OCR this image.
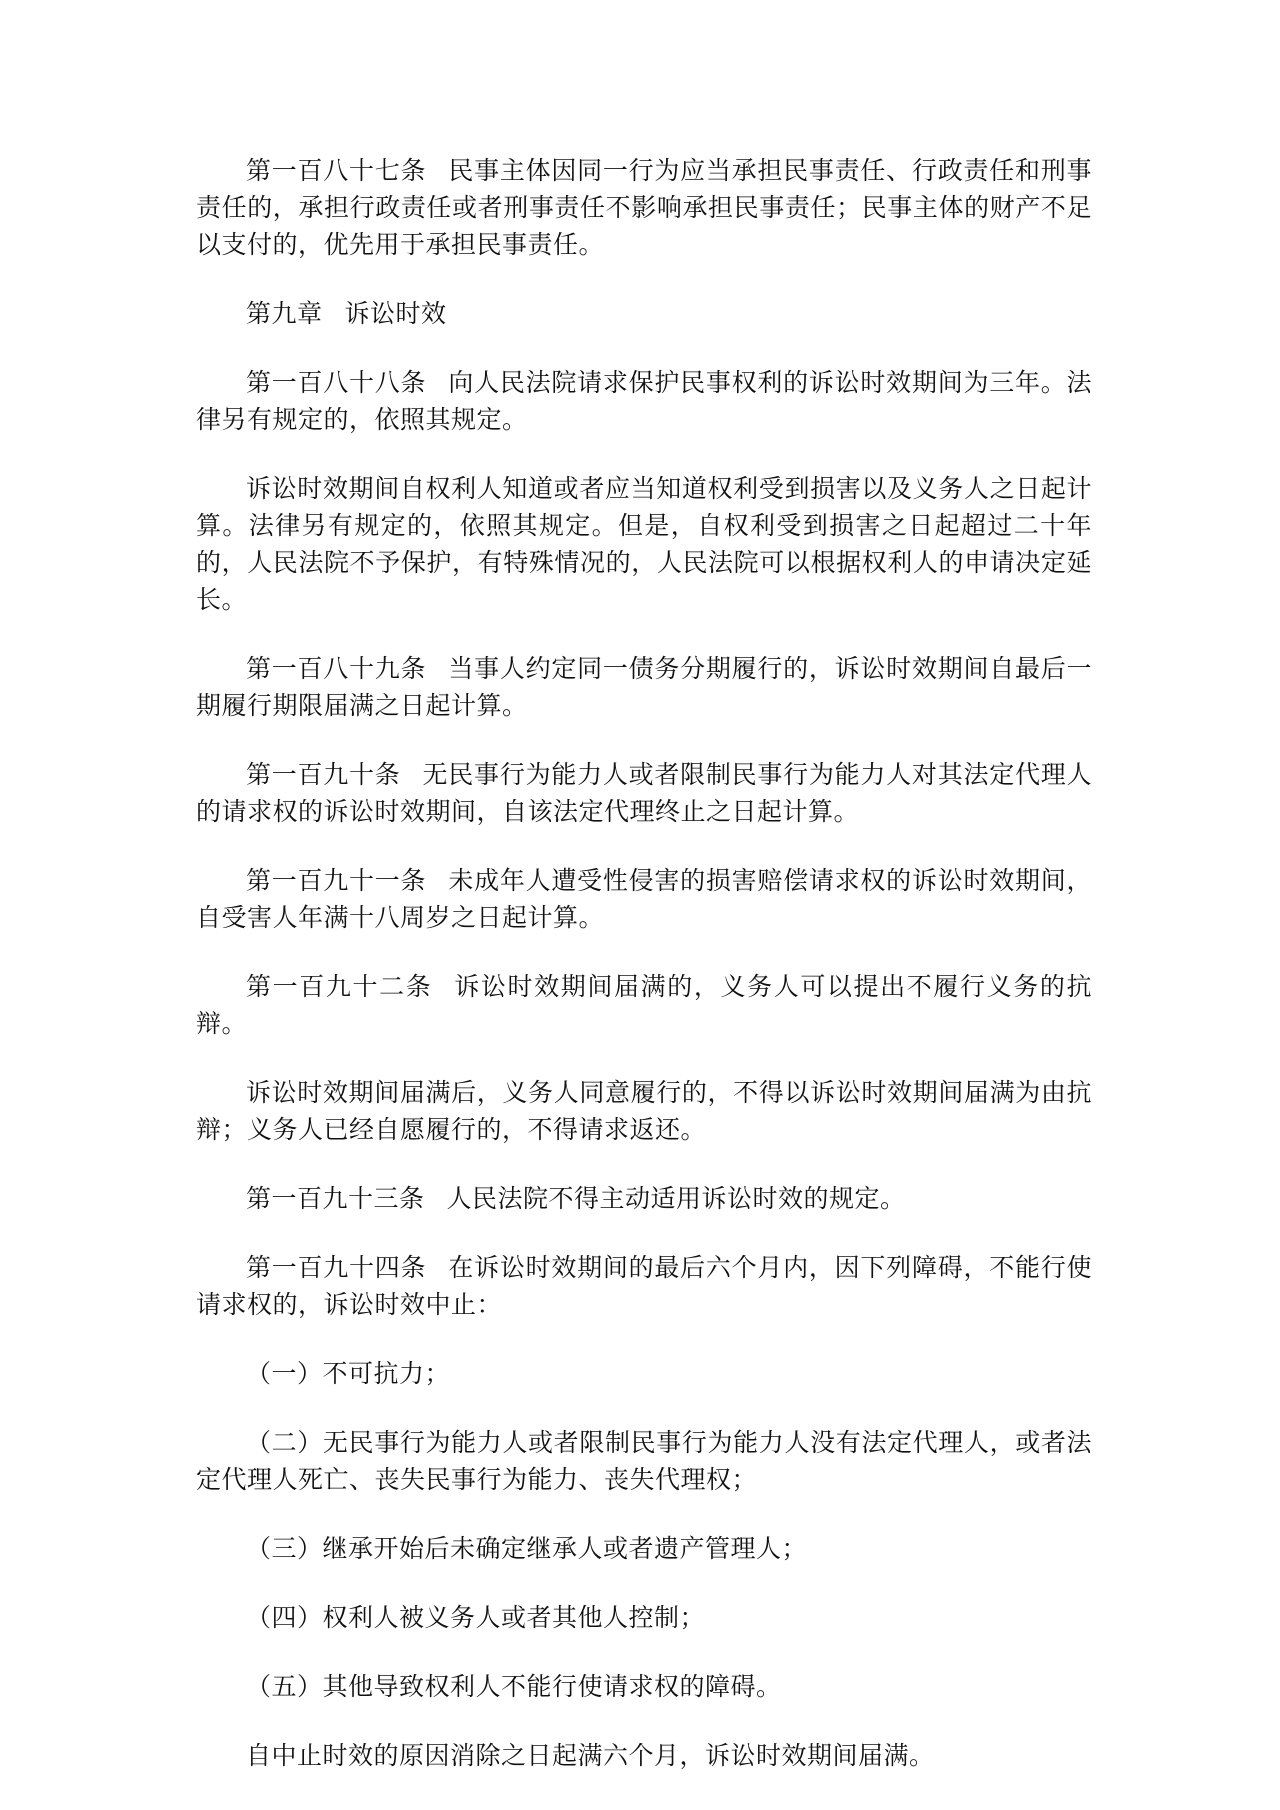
第一百八十七条 民事主体因同一行为应当承担民事责任、行政责任和刑事责任的，承担行政责任或者刑事责任不影响承担民事责任；民事主体的财产不足以支付的，优先用于承担民事责任。

第九章 诉讼时效

第一百八十八条 向人民法院请求保护民事权利的诉讼时效期间为三年。法律另有规定的，依照其规定。

诉讼时效期间自权利人知道或者应当知道权利受到损害以及义务人之日起计算。法律另有规定的，依照其规定。但是，自权利受到损害之日起超过二十年的，人民法院不予保护，有特殊情况的，人民法院可以根据权利人的申请决定延长。

第一百八十九条 当事人约定同一债务分期履行的，诉讼时效期间自最后一期履行期限届满之日起计算。

第一百九十条 无民事行为能力人或者限制民事行为能力人对其法定代理人的请求权的诉讼时效期间，自该法定代理终止之日起计算。

第一百九十一条 未成年人遭受性侵害的损害赔偿请求权的诉讼时效期间，自受害人年满十八周岁之日起计算。

第一百九十二条 诉讼时效期间届满的，义务人可以提出不履行义务的抗辩。

诉讼时效期间届满后，义务人同意履行的，不得以诉讼时效期间届满为由抗辩；义务人已经自愿履行的，不得请求返还。

第一百九十三条 人民法院不得主动适用诉讼时效的规定。

第一百九十四条 在诉讼时效期间的最后六个月内，因下列障碍，不能行使请求权的，诉讼时效中止：

（一）不可抗力；

（二）无民事行为能力人或者限制民事行为能力人没有法定代理人，或者法定代理人死亡、丧失民事行为能力、丧失代理权；

（三）继承开始后未确定继承人或者遗产管理人；

（四）权利人被义务人或者其他人控制；

（五）其他导致权利人不能行使请求权的障碍。

自中止时效的原因消除之日起满六个月，诉讼时效期间届满。
